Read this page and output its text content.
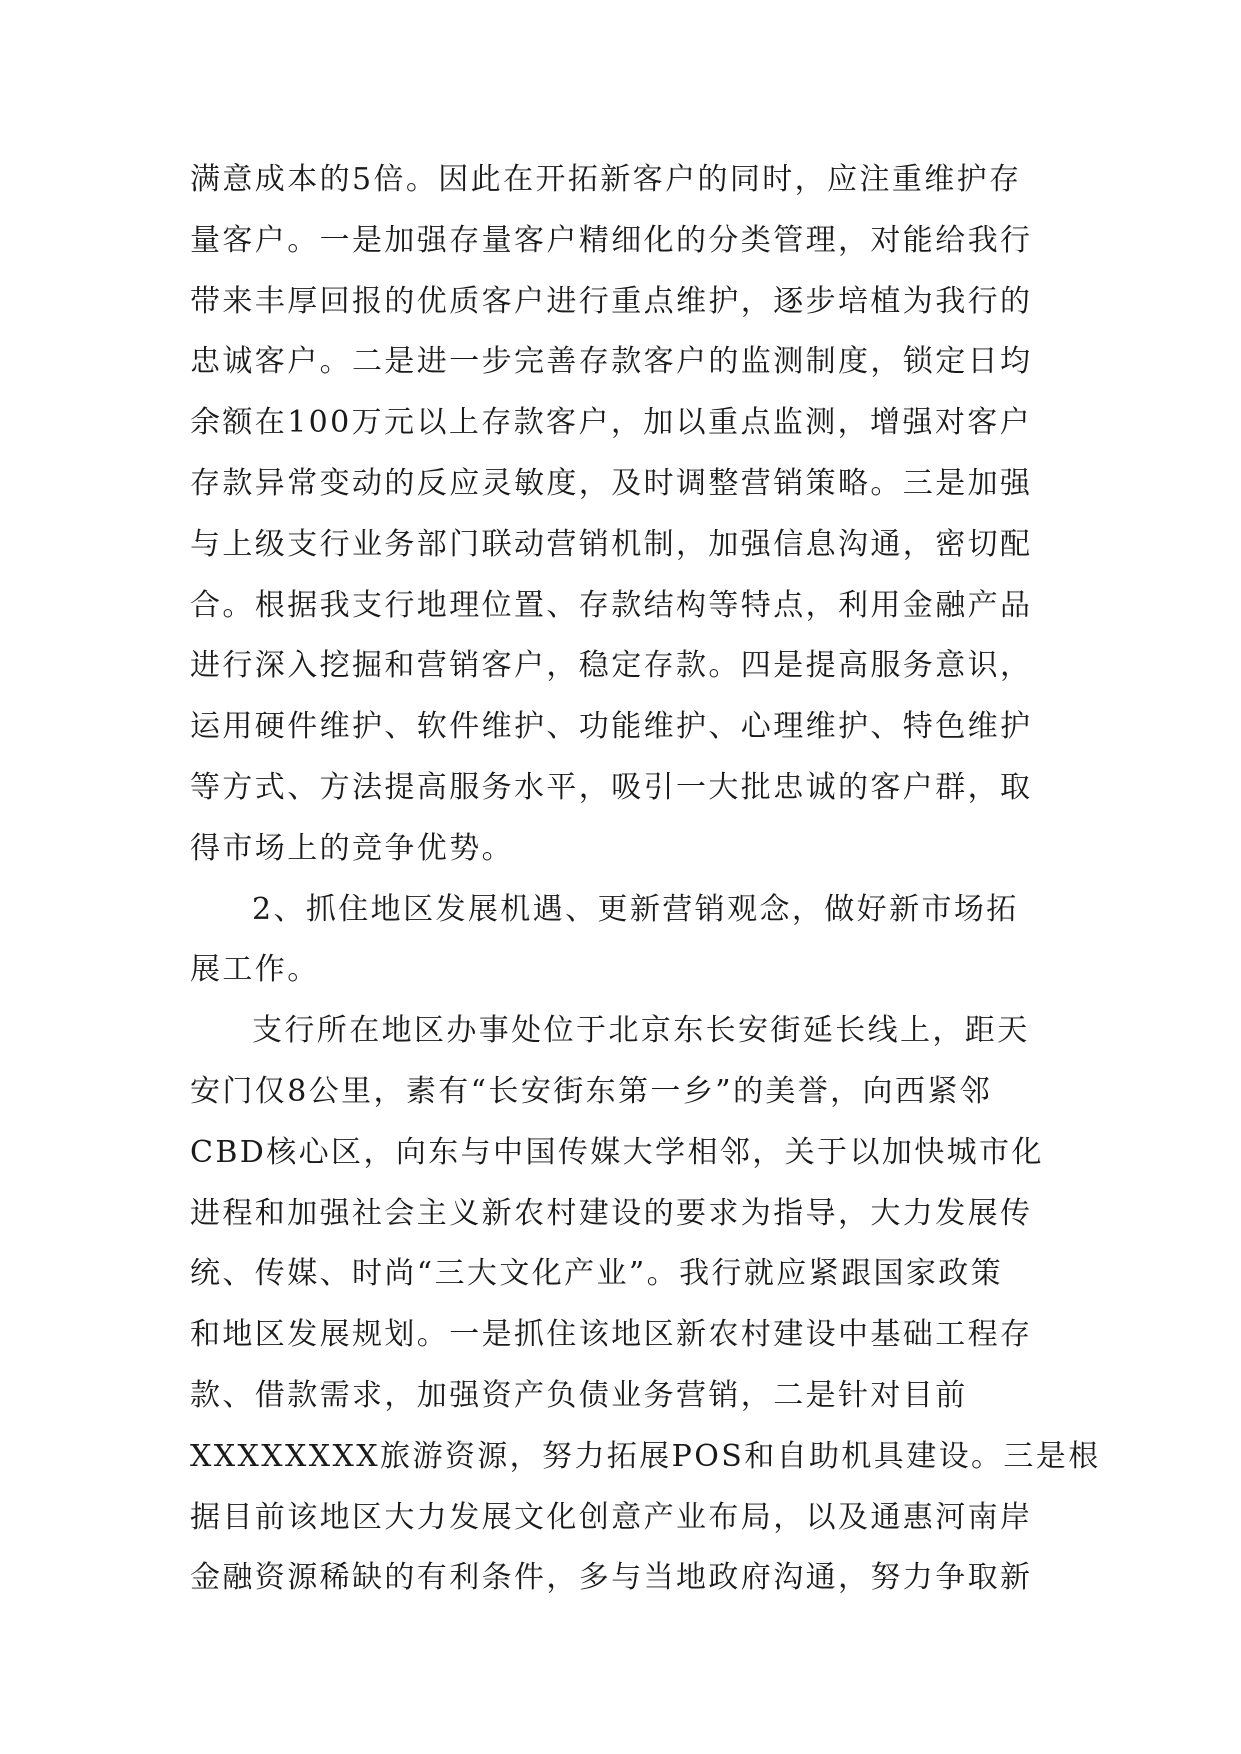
满意成本的5倍。因此在开拓新客户的同时，应注重维护存
量客户。一是加强存量客户精细化的分类管理，对能给我行
带来丰厚回报的优质客户进行重点维护，逐步培植为我行的
忠诚客户。二是进一步完善存款客户的监测制度，锁定日均
余额在100万元以上存款客户，加以重点监测，增强对客户
存款异常变动的反应灵敏度，及时调整营销策略。三是加强
与上级支行业务部门联动营销机制，加强信息沟通，密切配
合。根据我支行地理位置、存款结构等特点，利用金融产品
进行深入挖掘和营销客户，稳定存款。四是提高服务意识，
运用硬件维护、软件维护、功能维护、心理维护、特色维护
等方式、方法提高服务水平，吸引一大批忠诚的客户群，取
得市场上的竞争优势。
2、抓住地区发展机遇、更新营销观念，做好新市场拓
展工作。
支行所在地区办事处位于北京东长安街延长线上，距天
安门仅8公里，素有“长安街东第一乡”的美誉，向西紧邻
CBD核心区，向东与中国传媒大学相邻，关于以加快城市化
进程和加强社会主义新农村建设的要求为指导，大力发展传
统、传媒、时尚“三大文化产业”。我行就应紧跟国家政策
和地区发展规划。一是抓住该地区新农村建设中基础工程存
款、借款需求，加强资产负债业务营销，二是针对目前
XXXXXXXX旅游资源，努力拓展POS和自助机具建设。三是根
据目前该地区大力发展文化创意产业布局，以及通惠河南岸
金融资源稀缺的有利条件，多与当地政府沟通，努力争取新
